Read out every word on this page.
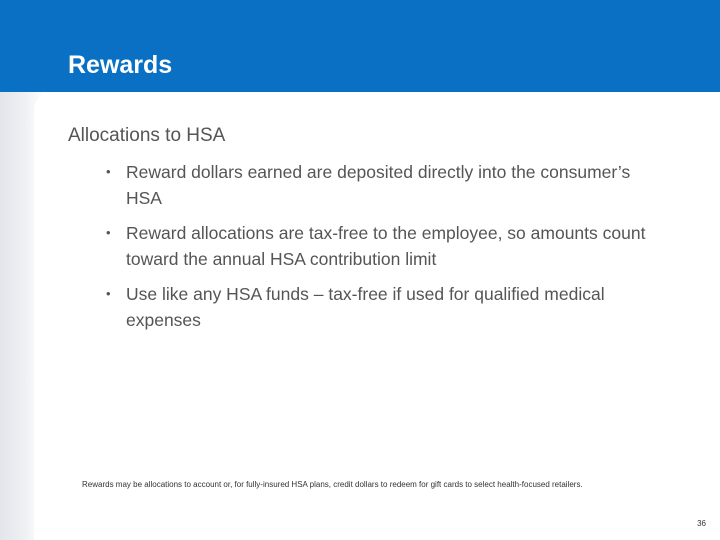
Rewards
Allocations to HSA
• Reward dollars earned are deposited directly into the consumer’s HSA
• Reward allocations are tax-free to the employee, so amounts count toward the annual HSA contribution limit
• Use like any HSA funds – tax-free if used for qualified medical expenses

Rewards may be allocations to account or, for fully-insured HSA plans, credit dollars to redeem for gift cards to select health-focused retailers.

36
